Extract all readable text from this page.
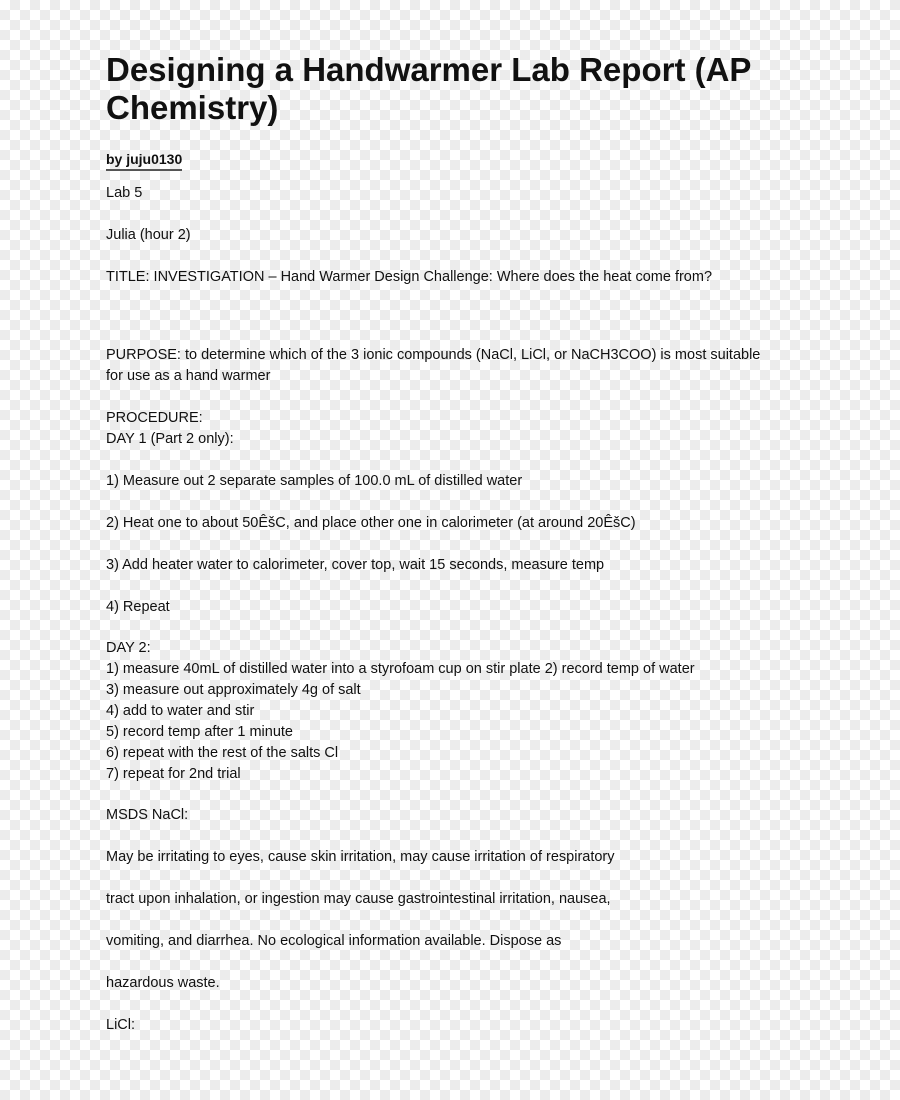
Designing a Handwarmer Lab Report (AP Chemistry)
by juju0130
Lab 5
Julia (hour 2)
TITLE: INVESTIGATION – Hand Warmer Design Challenge: Where does the heat come from?
PURPOSE: to determine which of the 3 ionic compounds (NaCl, LiCl, or NaCH3COO) is most suitable
for use as a hand warmer
PROCEDURE:
DAY 1 (Part 2 only):
1) Measure out 2 separate samples of 100.0 mL of distilled water
2) Heat one to about 50ÊšC, and place other one in calorimeter (at around 20ÊšC)
3) Add heater water to calorimeter, cover top, wait 15 seconds, measure temp
4) Repeat
DAY 2:
1) measure 40mL of distilled water into a styrofoam cup on stir plate 2) record temp of water
3) measure out approximately 4g of salt
4) add to water and stir
5) record temp after 1 minute
6) repeat with the rest of the salts Cl
7) repeat for 2nd trial
MSDS NaCl:
May be irritating to eyes, cause skin irritation, may cause irritation of respiratory
tract upon inhalation, or ingestion may cause gastrointestinal irritation, nausea,
vomiting, and diarrhea. No ecological information available. Dispose as
hazardous waste.
LiCl:
